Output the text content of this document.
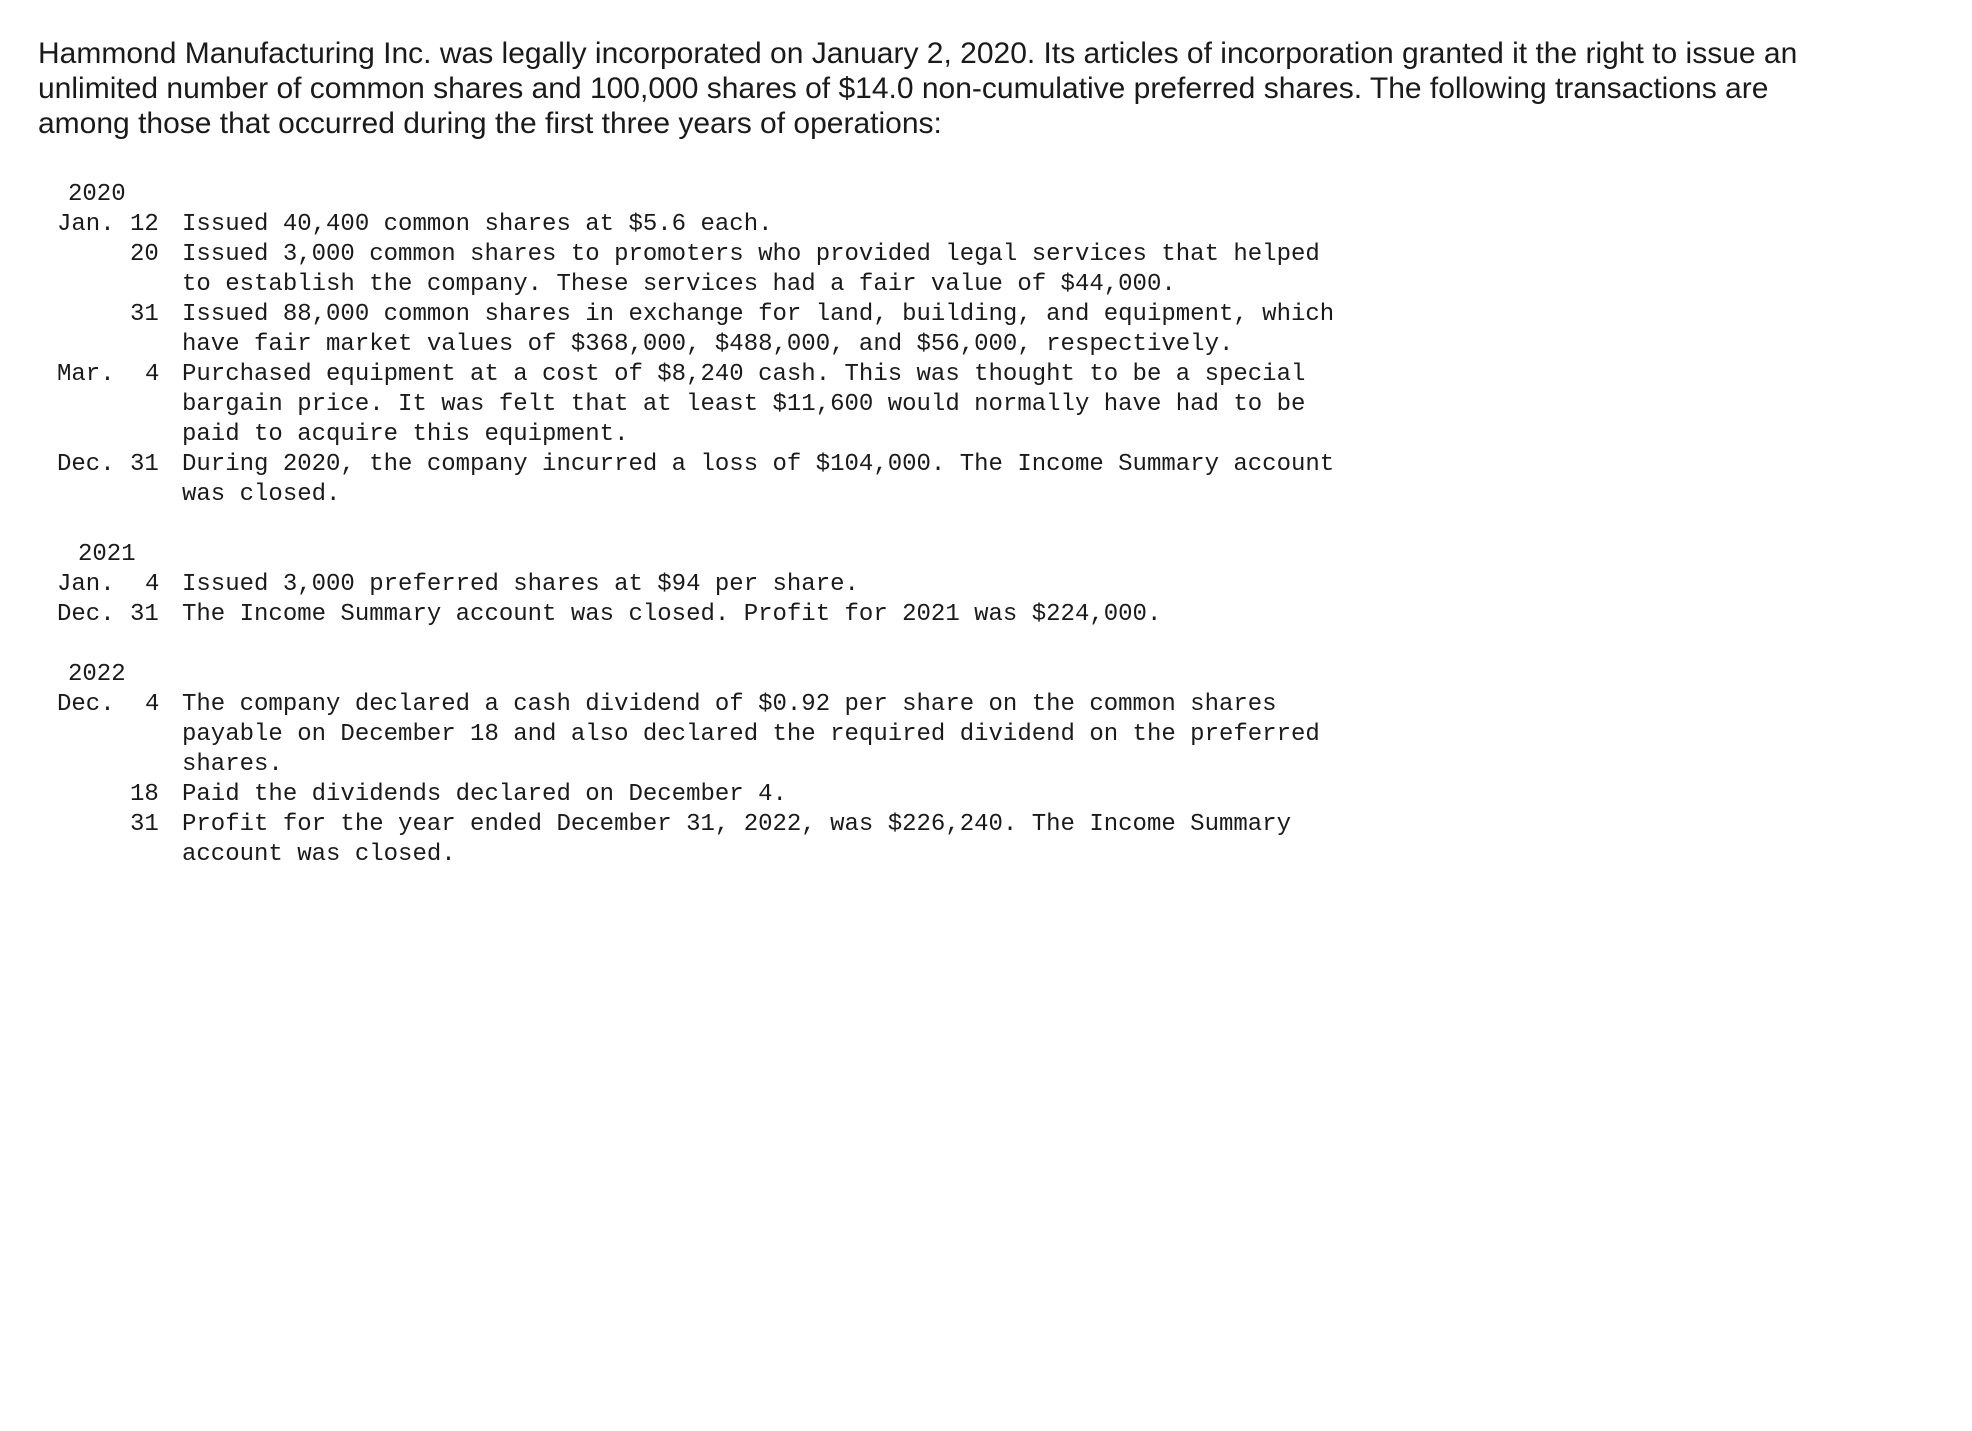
Hammond Manufacturing Inc. was legally incorporated on January 2, 2020. Its articles of incorporation granted it the right to issue an

unlimited number of common shares and 100,000 shares of $14.0 non-cumulative preferred shares. The following transactions are

among those that occurred during the first three years of operations:

2020

Jan.

12

Issued 40,400 common shares at $5.6 each.

20

Issued 3,000 common shares to promoters who provided legal services that helped

to establish the company. These services had a fair value of $44,000.

31

Issued 88,000 common shares in exchange for land, building, and equipment, which

have fair market values of $368,000, $488,000, and $56,000, respectively.

Mar.

4

Purchased equipment at a cost of $8,240 cash. This was thought to be a special

bargain price. It was felt that at least $11,600 would normally have had to be

paid to acquire this equipment.

Dec.

31

During 2020, the company incurred a loss of $104,000. The Income Summary account

was closed.

2021

Jan.

4

Issued 3,000 preferred shares at $94 per share.

Dec.

31

The Income Summary account was closed. Profit for 2021 was $224,000.

2022

Dec.

4

The company declared a cash dividend of $0.92 per share on the common shares

payable on December 18 and also declared the required dividend on the preferred

shares.

18

Paid the dividends declared on December 4.

31

Profit for the year ended December 31, 2022, was $226,240. The Income Summary

account was closed.
